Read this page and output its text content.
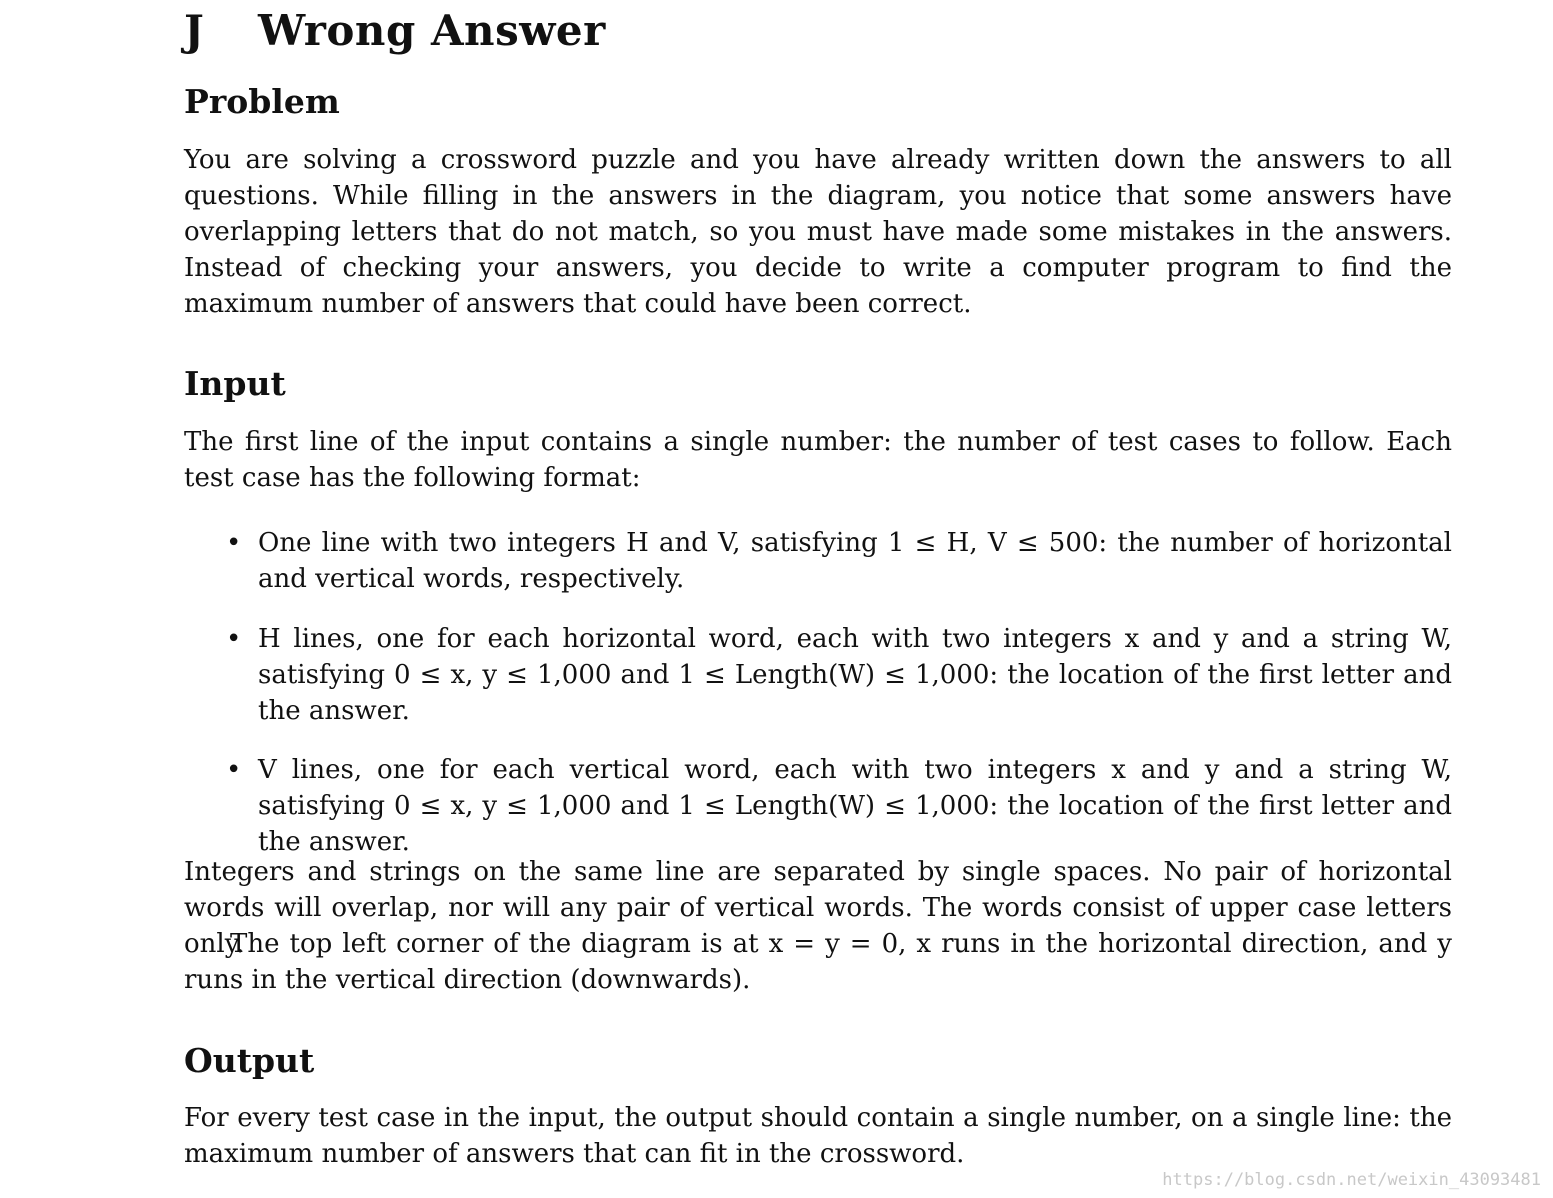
J Wrong Answer
Problem

You are solving a crossword puzzle and you have already written down the answers to all questions. While filling in the answers in the diagram, you notice that some answers have overlapping letters that do not match, so you must have made some mistakes in the answers. Instead of checking your answers, you decide to write a computer program to find the maximum number of answers that could have been correct.

Input

The first line of the input contains a single number: the number of test cases to follow. Each test case has the following format:

• One line with two integers H and V, satisfying 1 ≤ H, V ≤ 500: the number of horizontal and vertical words, respectively.
• H lines, one for each horizontal word, each with two integers x and y and a string W, satisfying 0 ≤ x, y ≤ 1,000 and 1 ≤ Length(W) ≤ 1,000: the location of the first letter and the answer.
• V lines, one for each vertical word, each with two integers x and y and a string W, satisfying 0 ≤ x, y ≤ 1,000 and 1 ≤ Length(W) ≤ 1,000: the location of the first letter and the answer.

Integers and strings on the same line are separated by single spaces. No pair of horizontal words will overlap, nor will any pair of vertical words. The words consist of upper case letters only.

The top left corner of the diagram is at x = y = 0, x runs in the horizontal direction, and y runs in the vertical direction (downwards).

Output

For every test case in the input, the output should contain a single number, on a single line: the maximum number of answers that can fit in the crossword.

https://blog.csdn.net/weixin_43093481
